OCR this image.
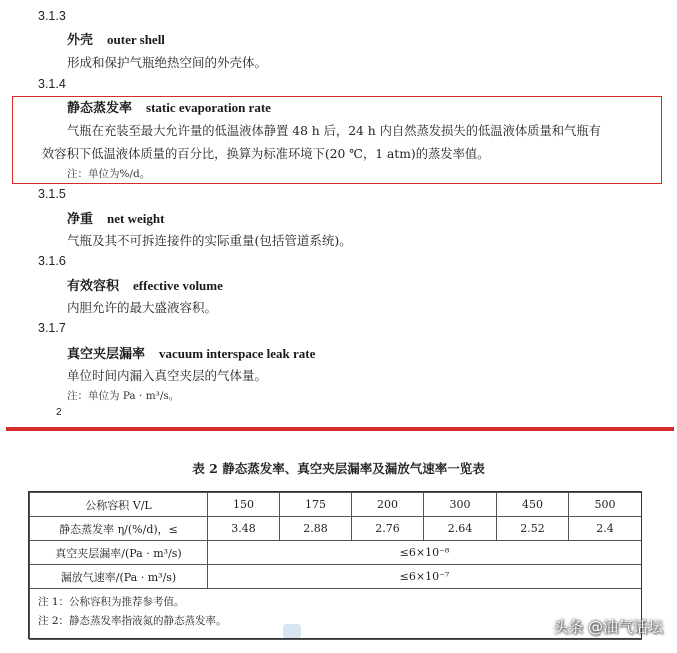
3.1.3
外壳 outer shell
形成和保护气瓶绝热空间的外壳体。
3.1.4
静态蒸发率 static evaporation rate
气瓶在充装至最大允许量的低温液体静置 48 h 后，24 h 内自然蒸发损失的低温液体质量和气瓶有
效容积下低温液体质量的百分比，换算为标准环境下(20 ℃，1 atm)的蒸发率值。
注：单位为%/d。
3.1.5
净重 net weight
气瓶及其不可拆连接件的实际重量(包括管道系统)。
3.1.6
有效容积 effective volume
内胆允许的最大盛液容积。
3.1.7
真空夹层漏率 vacuum interspace leak rate
单位时间内漏入真空夹层的气体量。
注：单位为 Pa · m³/s。
2
表 2 静态蒸发率、真空夹层漏率及漏放气速率一览表
公称容积 V/L	150	175	200	300	450	500
静态蒸发率 η/(%/d)，≤	3.48	2.88	2.76	2.64	2.52	2.4
真空夹层漏率/(Pa · m³/s)	≤6×10⁻⁸					
漏放气速率/(Pa · m³/s)	≤6×10⁻⁷					

注 1：公称容积为推荐参考值。
注 2：静态蒸发率指液氮的静态蒸发率。							头条 @油气话坛
